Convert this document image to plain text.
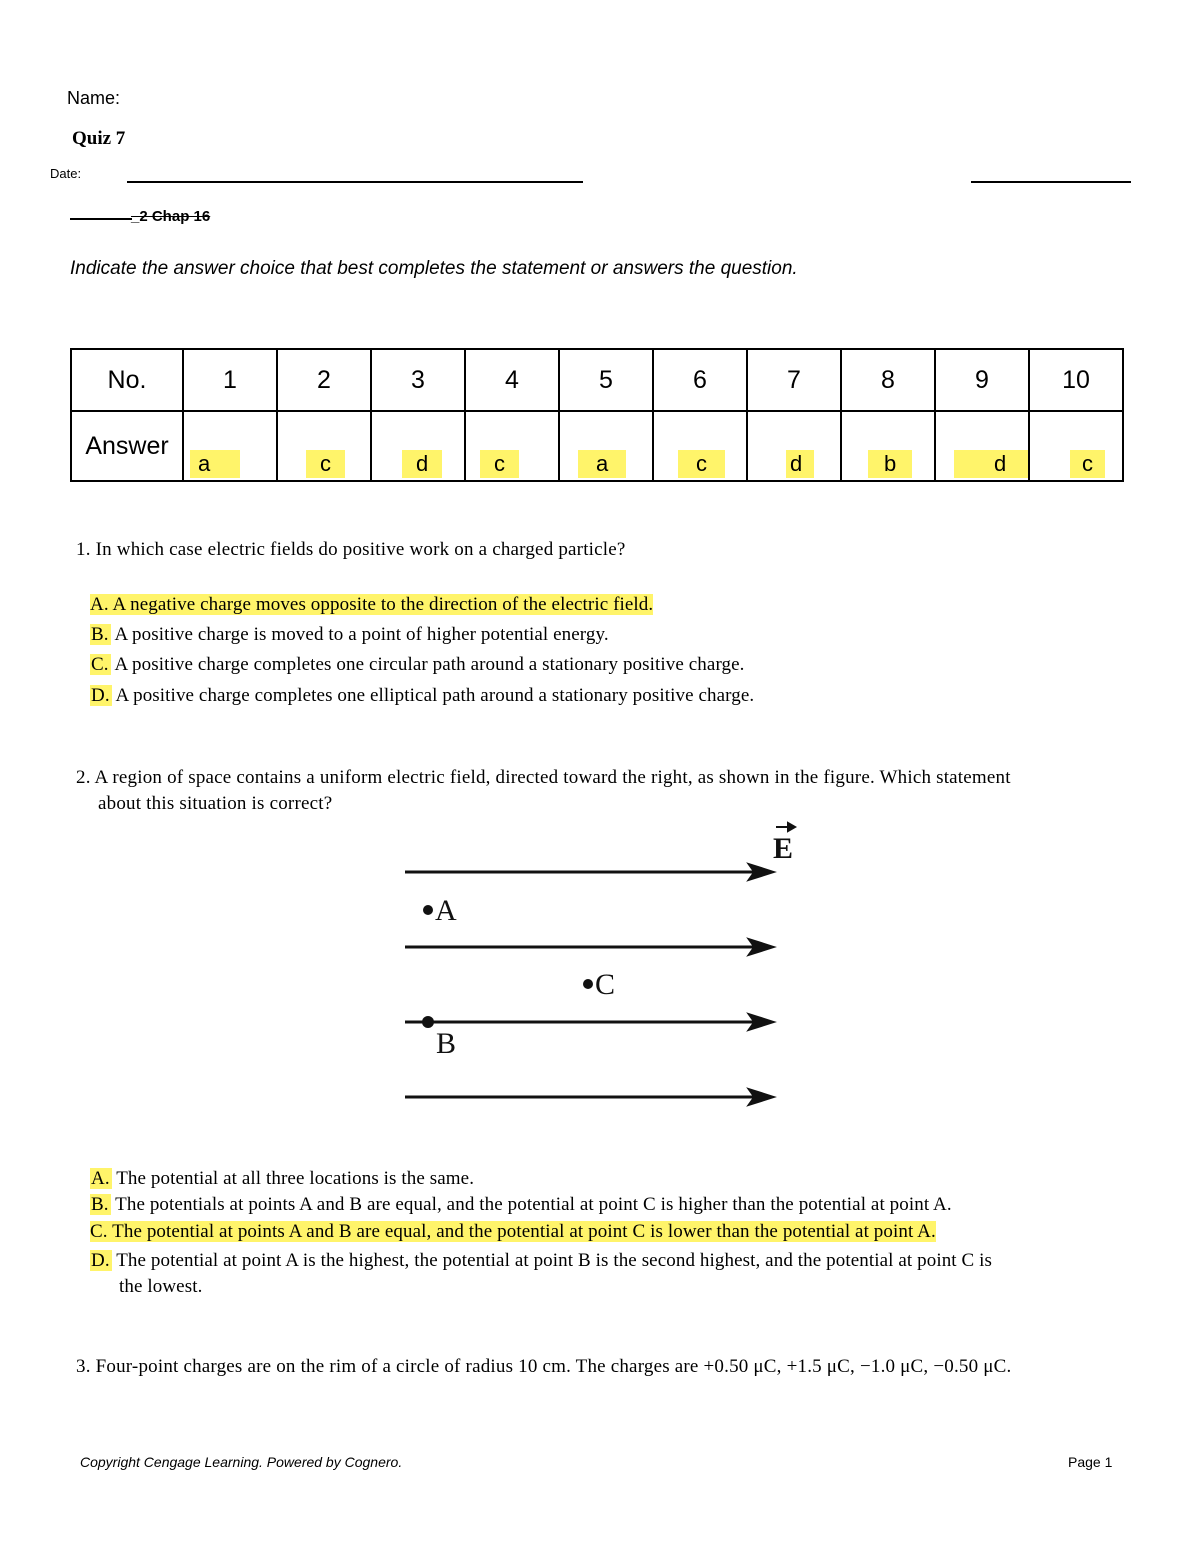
Name:
Quiz 7
Date:
_2 Chap 16
Indicate the answer choice that best completes the statement or answers the question.
No.	1	2	3	4	5	6	7	8	9	10
Answer	a	c	d	c	a	c	d	b	d	c
1. In which case electric fields do positive work on a charged particle?
A. A negative charge moves opposite to the direction of the electric field.
B. A positive charge is moved to a point of higher potential energy.
C. A positive charge completes one circular path around a stationary positive charge.
D. A positive charge completes one elliptical path around a stationary positive charge.
2. A region of space contains a uniform electric field, directed toward the right, as shown in the figure. Which statement
about this situation is correct?
A
C
B
E
A. The potential at all three locations is the same.
B. The potentials at points A and B are equal, and the potential at point C is higher than the potential at point A.
C. The potential at points A and B are equal, and the potential at point C is lower than the potential at point A.
D. The potential at point A is the highest, the potential at point B is the second highest, and the potential at point C is
the lowest.
3. Four-point charges are on the rim of a circle of radius 10 cm. The charges are +0.50 μC, +1.5 μC, −1.0 μC, −0.50 μC.
Copyright Cengage Learning. Powered by Cognero.	Page 1
